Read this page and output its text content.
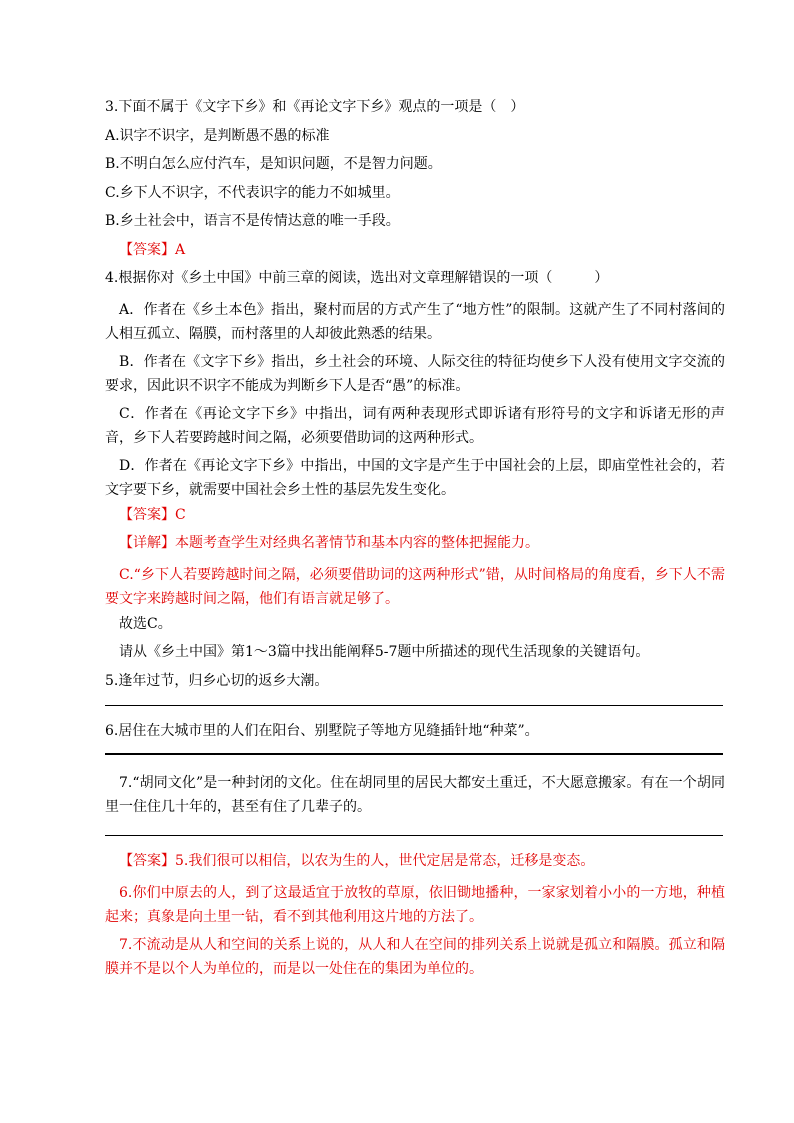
3.下面不属于《文字下乡》和《再论文字下乡》观点的一项是（　）
A.识字不识字，是判断愚不愚的标准
B.不明白怎么应付汽车，是知识问题，不是智力问题。
C.乡下人不识字，不代表识字的能力不如城里。
B.乡土社会中，语言不是传情达意的唯一手段。
【答案】A
4.根据你对《乡土中国》中前三章的阅读，选出对文章理解错误的一项（　　　）
A．作者在《乡土本色》指出，聚村而居的方式产生了“地方性”的限制。这就产生了不同村落间的人相互孤立、隔膜，而村落里的人却彼此熟悉的结果。
B．作者在《文字下乡》指出，乡土社会的环境、人际交往的特征均使乡下人没有使用文字交流的要求，因此识不识字不能成为判断乡下人是否“愚”的标准。
C．作者在《再论文字下乡》中指出，词有两种表现形式即诉诸有形符号的文字和诉诸无形的声音，乡下人若要跨越时间之隔，必须要借助词的这两种形式。
D．作者在《再论文字下乡》中指出，中国的文字是产生于中国社会的上层，即庙堂性社会的，若文字要下乡，就需要中国社会乡土性的基层先发生变化。
【答案】C
【详解】本题考查学生对经典名著情节和基本内容的整体把握能力。
C.“乡下人若要跨越时间之隔，必须要借助词的这两种形式”错，从时间格局的角度看，乡下人不需要文字来跨越时间之隔，他们有语言就足够了。
故选C。
请从《乡土中国》第1～3篇中找出能阐释5-7题中所描述的现代生活现象的关键语句。
5.逢年过节，归乡心切的返乡大潮。
6.居住在大城市里的人们在阳台、别墅院子等地方见缝插针地“种菜”。
7.“胡同文化”是一种封闭的文化。住在胡同里的居民大都安土重迁，不大愿意搬家。有在一个胡同里一住住几十年的，甚至有住了几辈子的。
【答案】5.我们很可以相信，以农为生的人，世代定居是常态，迁移是变态。
6.你们中原去的人，到了这最适宜于放牧的草原，依旧锄地播种，一家家划着小小的一方地，种植起来；真象是向土里一钻，看不到其他利用这片地的方法了。
7.不流动是从人和空间的关系上说的，从人和人在空间的排列关系上说就是孤立和隔膜。孤立和隔膜并不是以个人为单位的，而是以一处住在的集团为单位的。
